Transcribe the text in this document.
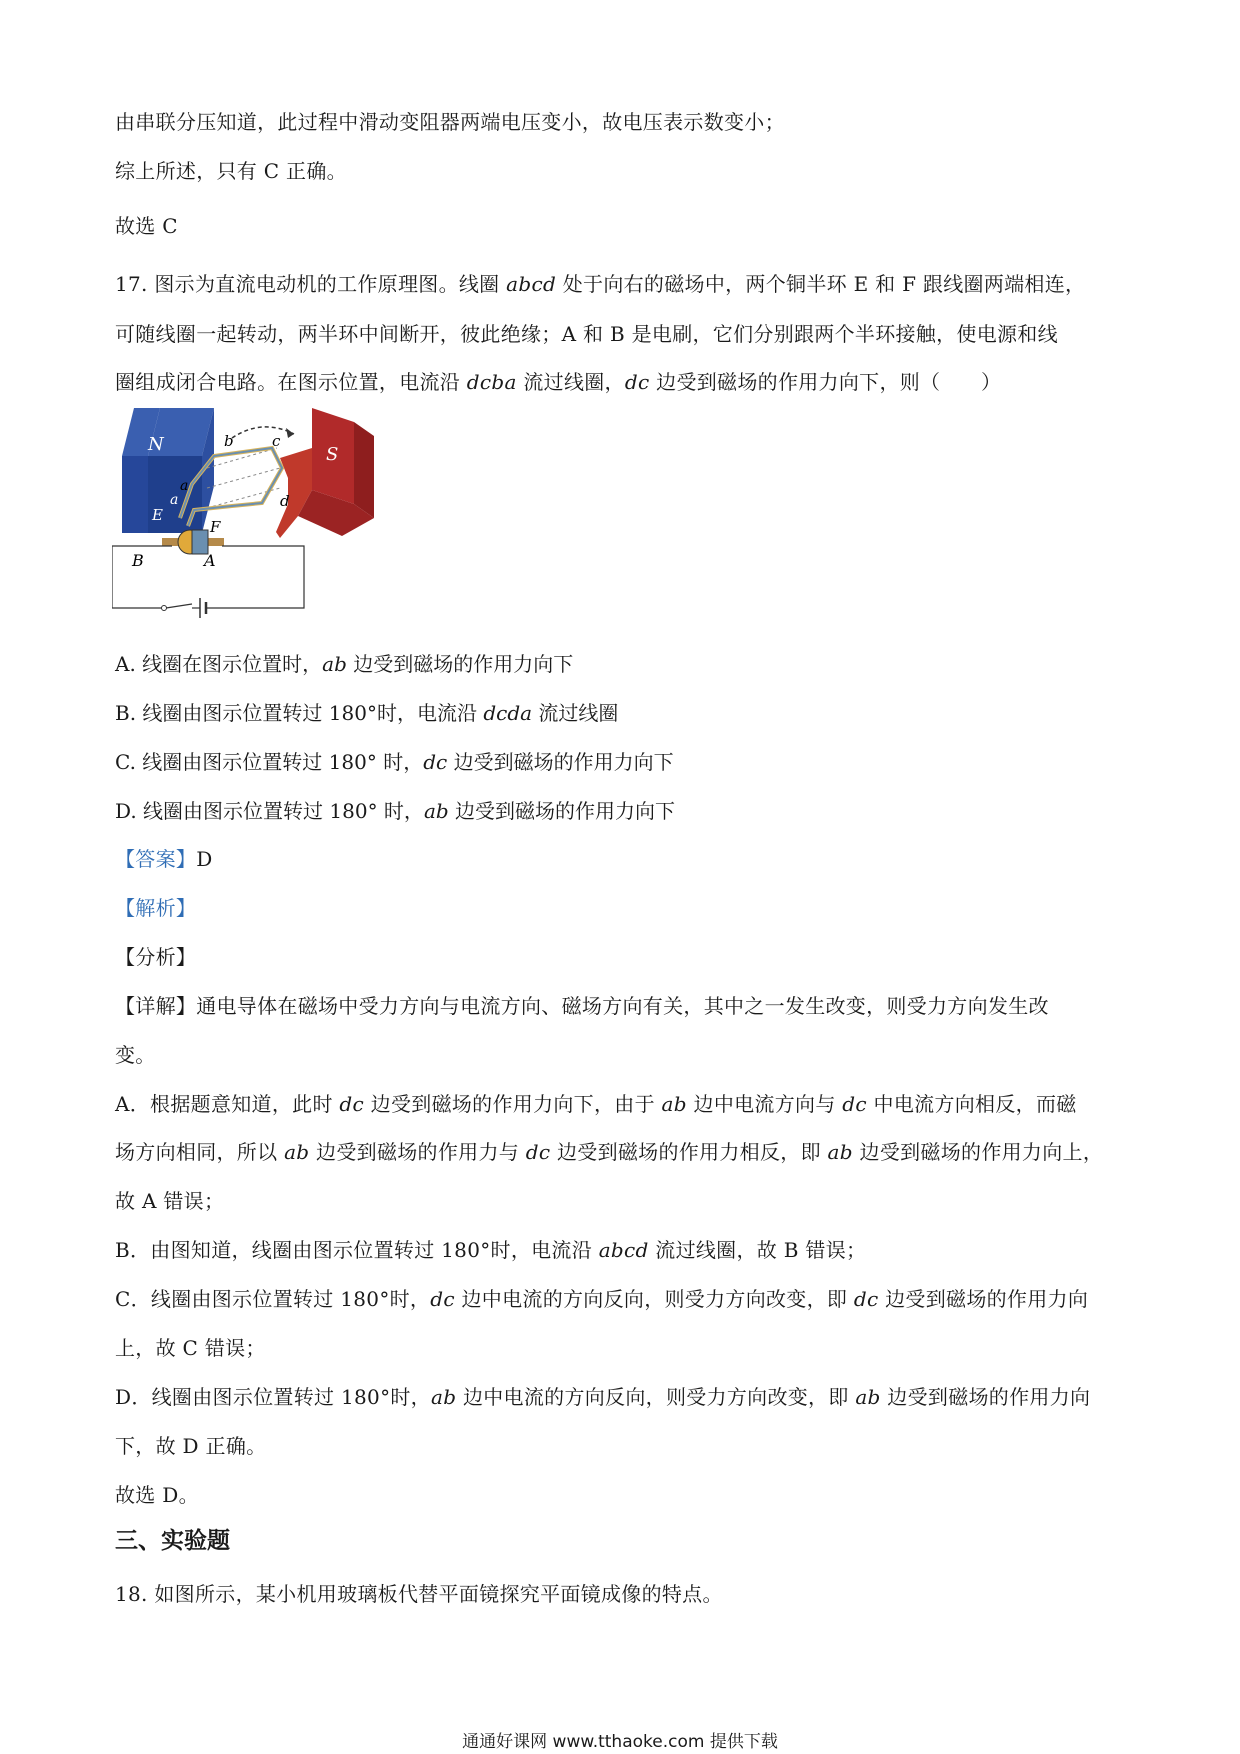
由串联分压知道，此过程中滑动变阻器两端电压变小，故电压表示数变小；
综上所述，只有 C 正确。
故选 C
17. 图示为直流电动机的工作原理图。线圈 abcd 处于向右的磁场中，两个铜半环 E 和 F 跟线圈两端相连，
可随线圈一起转动，两半环中间断开，彼此绝缘；A 和 B 是电刷，它们分别跟两个半环接触，使电源和线
圈组成闭合电路。在图示位置，电流沿 dcba 流过线圈，dc 边受到磁场的作用力向下，则（　　）
N	S
b	c
d
a
a
E
F
B	A
A. 线圈在图示位置时，ab 边受到磁场的作用力向下
B. 线圈由图示位置转过 180°时，电流沿 dcda 流过线圈
C. 线圈由图示位置转过 180° 时，dc 边受到磁场的作用力向下
D. 线圈由图示位置转过 180° 时，ab 边受到磁场的作用力向下
【答案】D
【解析】
【分析】
【详解】通电导体在磁场中受力方向与电流方向、磁场方向有关，其中之一发生改变，则受力方向发生改
变。
A．根据题意知道，此时 dc 边受到磁场的作用力向下，由于 ab 边中电流方向与 dc 中电流方向相反，而磁
场方向相同，所以 ab 边受到磁场的作用力与 dc 边受到磁场的作用力相反，即 ab 边受到磁场的作用力向上，
故 A 错误；
B．由图知道，线圈由图示位置转过 180°时，电流沿 abcd 流过线圈，故 B 错误；
C．线圈由图示位置转过 180°时，dc 边中电流的方向反向，则受力方向改变，即 dc 边受到磁场的作用力向
上，故 C 错误；
D．线圈由图示位置转过 180°时，ab 边中电流的方向反向，则受力方向改变，即 ab 边受到磁场的作用力向
下，故 D 正确。
故选 D。
三、实验题
18. 如图所示，某小机用玻璃板代替平面镜探究平面镜成像的特点。
通通好课网 www.tthaoke.com 提供下载
